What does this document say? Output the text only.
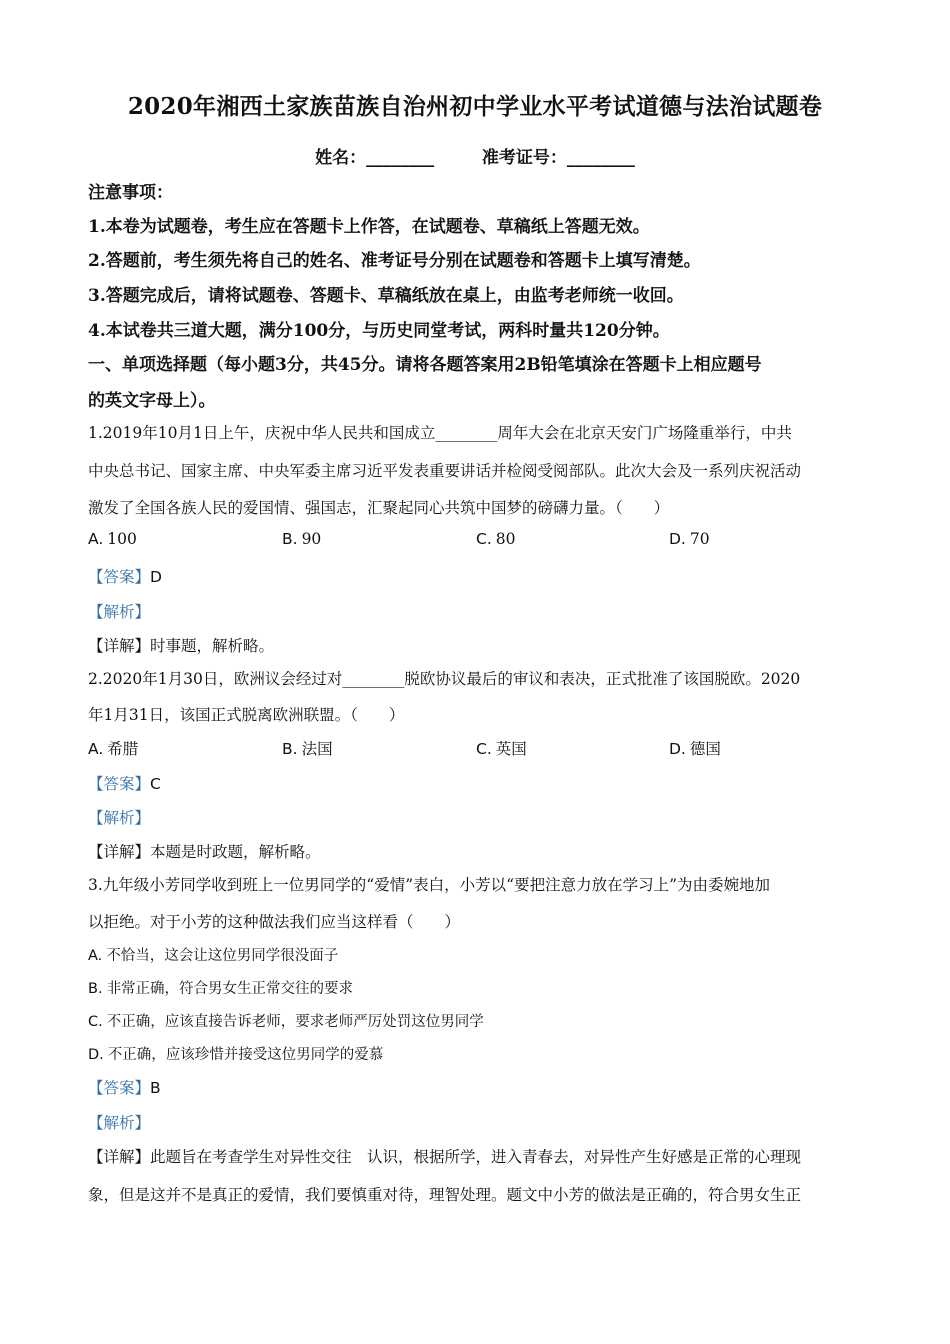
2020年湘西土家族苗族自治州初中学业水平考试道德与法治试题卷
姓名：________	准考证号：________
注意事项：
1.本卷为试题卷，考生应在答题卡上作答，在试题卷、草稿纸上答题无效。
2.答题前，考生须先将自己的姓名、准考证号分别在试题卷和答题卡上填写清楚。
3.答题完成后，请将试题卷、答题卡、草稿纸放在桌上，由监考老师统一收回。
4.本试卷共三道大题，满分100分，与历史同堂考试，两科时量共120分钟。
一、单项选择题（每小题3分，共45分。请将各题答案用2B铅笔填涂在答题卡上相应题号
的英文字母上）。
1.2019年10月1日上午，庆祝中华人民共和国成立________周年大会在北京天安门广场隆重举行，中共
中央总书记、国家主席、中央军委主席习近平发表重要讲话并检阅受阅部队。此次大会及一系列庆祝活动
激发了全国各族人民的爱国情、强国志，汇聚起同心共筑中国梦的磅礴力量。（　　）
A. 100	B. 90	C. 80	D. 70
【答案】D
【解析】
【详解】时事题，解析略。
2.2020年1月30日，欧洲议会经过对________脱欧协议最后的审议和表决，正式批准了该国脱欧。2020
年1月31日，该国正式脱离欧洲联盟。（　　）
A. 希腊	B. 法国	C. 英国	D. 德国
【答案】C
【解析】
【详解】本题是时政题，解析略。
3.九年级小芳同学收到班上一位男同学的“爱情”表白，小芳以“要把注意力放在学习上”为由委婉地加
以拒绝。对于小芳的这种做法我们应当这样看（　　）
A. 不恰当，这会让这位男同学很没面子
B. 非常正确，符合男女生正常交往的要求
C. 不正确，应该直接告诉老师，要求老师严厉处罚这位男同学
D. 不正确，应该珍惜并接受这位男同学的爱慕
【答案】B
【解析】
【详解】此题旨在考查学生对异性交往　认识，根据所学，进入青春去，对异性产生好感是正常的心理现
象，但是这并不是真正的爱情，我们要慎重对待，理智处理。题文中小芳的做法是正确的，符合男女生正
